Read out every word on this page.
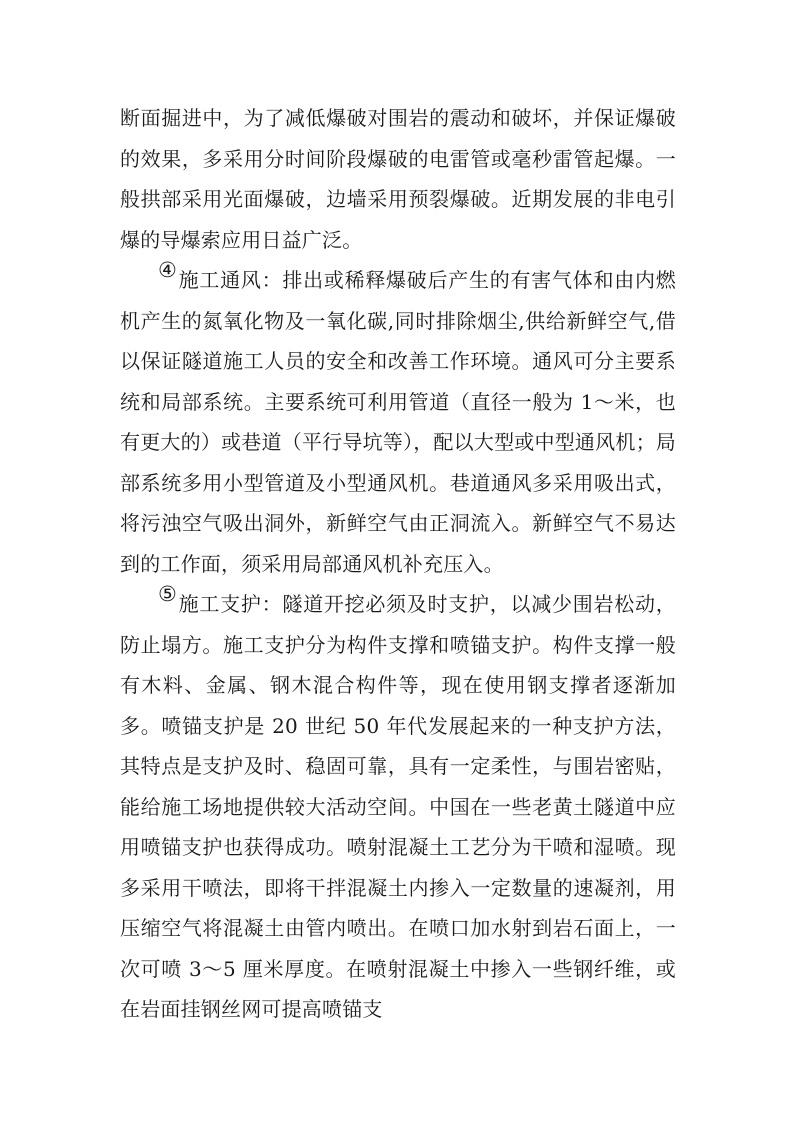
断面掘进中，为了减低爆破对围岩的震动和破坏，并保证爆破的效果，多采用分时间阶段爆破的电雷管或毫秒雷管起爆。一般拱部采用光面爆破，边墙采用预裂爆破。近期发展的非电引爆的导爆索应用日益广泛。

④施工通风：排出或稀释爆破后产生的有害气体和由内燃机产生的氮氧化物及一氧化碳,同时排除烟尘,供给新鲜空气,借以保证隧道施工人员的安全和改善工作环境。通风可分主要系统和局部系统。主要系统可利用管道（直径一般为 1～米，也有更大的）或巷道（平行导坑等），配以大型或中型通风机；局部系统多用小型管道及小型通风机。巷道通风多采用吸出式，将污浊空气吸出洞外，新鲜空气由正洞流入。新鲜空气不易达到的工作面，须采用局部通风机补充压入。

⑤施工支护：隧道开挖必须及时支护，以减少围岩松动，防止塌方。施工支护分为构件支撑和喷锚支护。构件支撑一般有木料、金属、钢木混合构件等，现在使用钢支撑者逐渐加多。喷锚支护是 20 世纪 50 年代发展起来的一种支护方法，其特点是支护及时、稳固可靠，具有一定柔性，与围岩密贴，能给施工场地提供较大活动空间。中国在一些老黄土隧道中应用喷锚支护也获得成功。喷射混凝土工艺分为干喷和湿喷。现多采用干喷法，即将干拌混凝土内掺入一定数量的速凝剂，用压缩空气将混凝土由管内喷出。在喷口加水射到岩石面上，一次可喷 3～5 厘米厚度。在喷射混凝土中掺入一些钢纤维，或在岩面挂钢丝网可提高喷锚支
